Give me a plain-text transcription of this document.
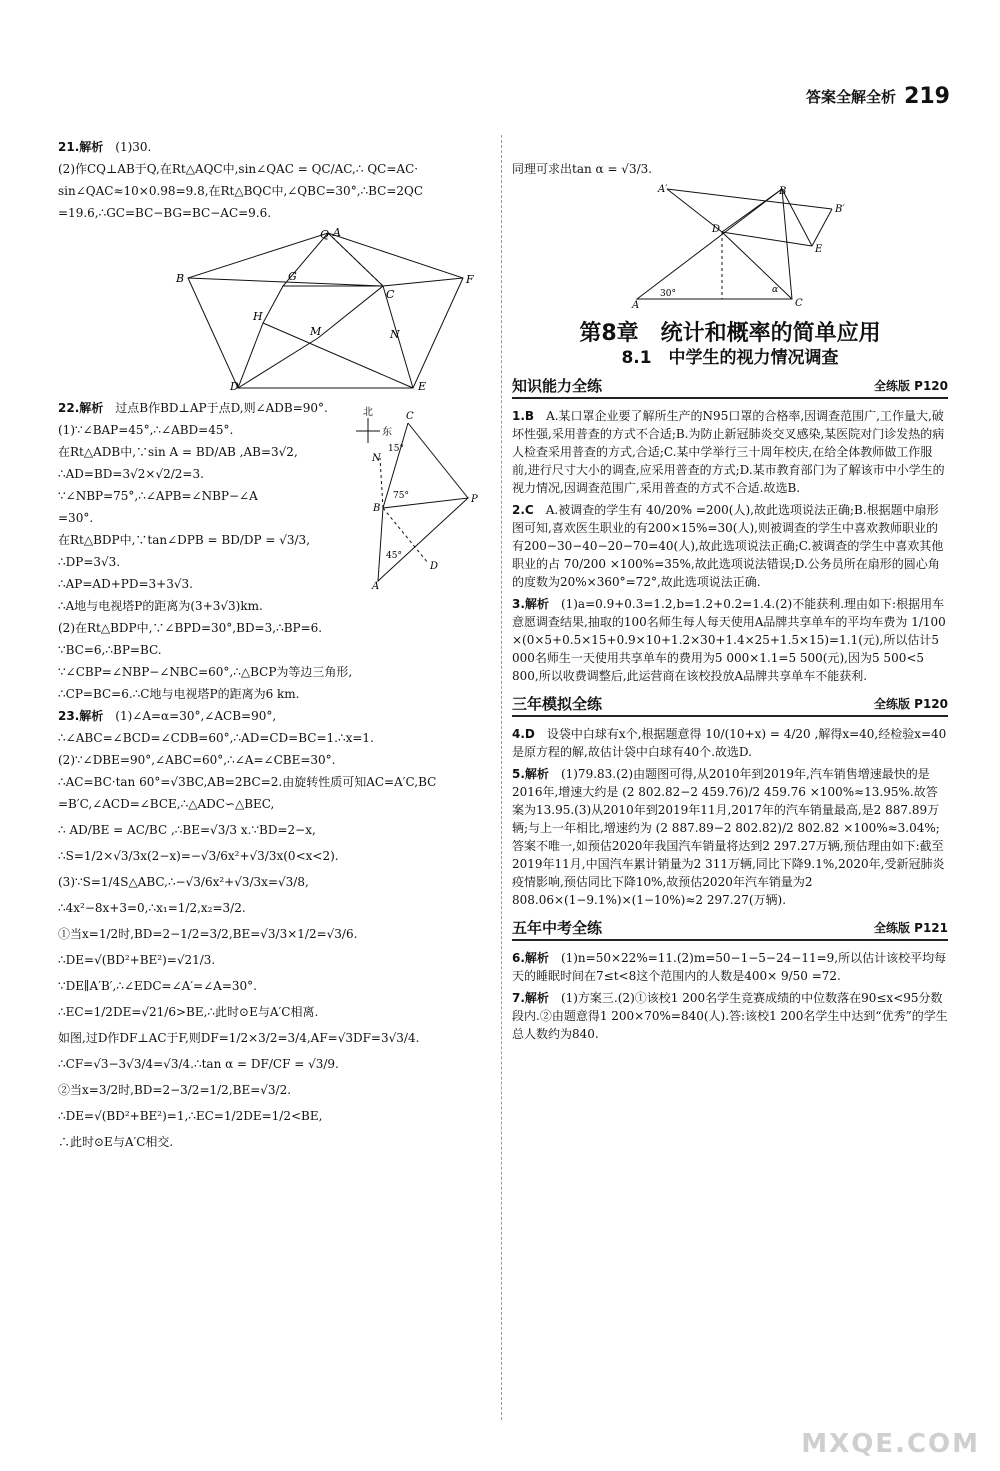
答案全解全析 219
21.解析　 (1)30.
(2)作CQ⊥AB于Q,在Rt△AQC中,sin∠QAC = QC/AC,∴ QC=AC·
sin∠QAC≈10×0.98=9.8,在Rt△BQC中,∠QBC=30°,∴BC=2QC
=19.6,∴GC=BC−BG=BC−AC=9.6.
Q A
B	G
C
F
H
M	N
D	E
22.解析　 过点B作BD⊥AP于点D,则∠ADB=90°.
(1)∵∠BAP=45°,∴∠ABD=45°.
在Rt△ADB中,∵sin A = BD/AB ,AB=3√2,
∴AD=BD=3√2×√2/2=3.
∵∠NBP=75°,∴∠APB=∠NBP−∠A
=30°.
在Rt△BDP中,∵tan∠DPB = BD/DP = √3/3,
∴DP=3√3.
∴AP=AD+PD=3+3√3.
∴A地与电视塔P的距离为(3+3√3)km.
(2)在Rt△BDP中,∵∠BPD=30°,BD=3,∴BP=6.
∵BC=6,∴BP=BC.
∵∠CBP=∠NBP−∠NBC=60°,∴△BCP为等边三角形,
∴CP=BC=6.∴C地与电视塔P的距离为6 km.
北
东
C
N
B
P
D
A
15°
75°
45°
23.解析　 (1)∠A=α=30°,∠ACB=90°,
∴∠ABC=∠BCD=∠CDB=60°,∴AD=CD=BC=1.∴x=1.
(2)∵∠DBE=90°,∠ABC=60°,∴∠A=∠CBE=30°.
∴AC=BC·tan 60°=√3BC,AB=2BC=2.由旋转性质可知AC=A′C,BC
=B′C,∠ACD=∠BCE,∴△ADC∽△BEC,
∴ AD/BE = AC/BC ,∴BE=√3/3 x.∵BD=2−x,
∴S=1/2×√3/3x(2−x)=−√3/6x²+√3/3x(0<x<2).
(3)∵S=1/4S△ABC,∴−√3/6x²+√3/3x=√3/8,
∴4x²−8x+3=0,∴x₁=1/2,x₂=3/2.
①当x=1/2时,BD=2−1/2=3/2,BE=√3/3×1/2=√3/6.
∴DE=√(BD²+BE²)=√21/3.
∵DE∥A′B′,∴∠EDC=∠A′=∠A=30°.
∴EC=1/2DE=√21/6>BE,∴此时⊙E与A′C相离.
如图,过D作DF⊥AC于F,则DF=1/2×3/2=3/4,AF=√3DF=3√3/4.
∴CF=√3−3√3/4=√3/4.∴tan α = DF/CF = √3/9.
②当x=3/2时,BD=2−3/2=1/2,BE=√3/2.
∴DE=√(BD²+BE²)=1,∴EC=1/2DE=1/2<BE,
∴此时⊙E与A′C相交.
同理可求出tan α = √3/3.
A′	B
B′
D
E
C
A
30°	α
第8章　统计和概率的简单应用
8.1　中学生的视力情况调查
知识能力全练	全练版 P120
1.B　 A.某口罩企业要了解所生产的N95口罩的合格率,因调查范围广,工作量大,破坏性强,采用普查的方式不合适;B.为防止新冠肺炎交叉感染,某医院对门诊发热的病人检查采用普查的方式,合适;C.某中学举行三十周年校庆,在给全体教师做工作服前,进行尺寸大小的调查,应采用普查的方式;D.某市教育部门为了解该市中小学生的视力情况,因调查范围广,采用普查的方式不合适.故选B.
2.C　 A.被调查的学生有 40/20% =200(人),故此选项说法正确;B.根据题中扇形图可知,喜欢医生职业的有200×15%=30(人),则被调查的学生中喜欢教师职业的有200−30−40−20−70=40(人),故此选项说法正确;C.被调查的学生中喜欢其他职业的占 70/200 ×100%=35%,故此选项说法错误;D.公务员所在扇形的圆心角的度数为20%×360°=72°,故此选项说法正确.
3.解析　 (1)a=0.9+0.3=1.2,b=1.2+0.2=1.4.(2)不能获利.理由如下:根据用车意愿调查结果,抽取的100名师生每人每天使用A品牌共享单车的平均车费为 1/100 ×(0×5+0.5×15+0.9×10+1.2×30+1.4×25+1.5×15)=1.1(元),所以估计5 000名师生一天使用共享单车的费用为5 000×1.1=5 500(元),因为5 500<5 800,所以收费调整后,此运营商在该校投放A品牌共享单车不能获利.
三年模拟全练	全练版 P120
4.D　 设袋中白球有x个,根据题意得 10/(10+x) = 4/20 ,解得x=40,经检验x=40是原方程的解,故估计袋中白球有40个.故选D.
5.解析　 (1)79.83.(2)由题图可得,从2010年到2019年,汽车销售增速最快的是2016年,增速大约是 (2 802.82−2 459.76)/2 459.76 ×100%≈13.95%.故答案为13.95.(3)从2010年到2019年11月,2017年的汽车销量最高,是2 887.89万辆;与上一年相比,增速约为 (2 887.89−2 802.82)/2 802.82 ×100%≈3.04%;答案不唯一,如预估2020年我国汽车销量将达到2 297.27万辆,预估理由如下:截至2019年11月,中国汽车累计销量为2 311万辆,同比下降9.1%,2020年,受新冠肺炎疫情影响,预估同比下降10%,故预估2020年汽车销量为2 808.06×(1−9.1%)×(1−10%)≈2 297.27(万辆).
五年中考全练	全练版 P121
6.解析　 (1)n=50×22%=11.(2)m=50−1−5−24−11=9,所以估计该校平均每天的睡眠时间在7≤t<8这个范围内的人数是400× 9/50 =72.
7.解析　 (1)方案三.(2)①该校1 200名学生竞赛成绩的中位数落在90≤x<95分数段内.②由题意得1 200×70%=840(人).答:该校1 200名学生中达到“优秀”的学生总人数约为840.
MXQE.COM
